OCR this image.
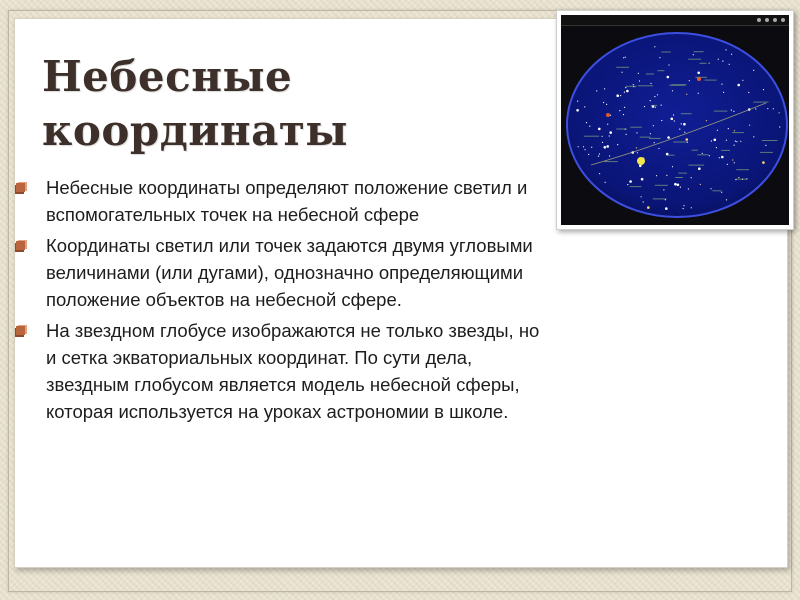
Небесные
координаты
Небесные координаты определяют положение светил и вспомогательных точек на небесной сфере
Координаты светил или точек задаются двумя угловыми величинами (или дугами), однозначно определяющими положение объектов на небесной сфере.
На звездном глобусе изображаются не только звезды, но и сетка экваториальных координат. По сути дела, звездным глобусом является модель небесной сферы, которая используется на уроках астрономии в школе.
